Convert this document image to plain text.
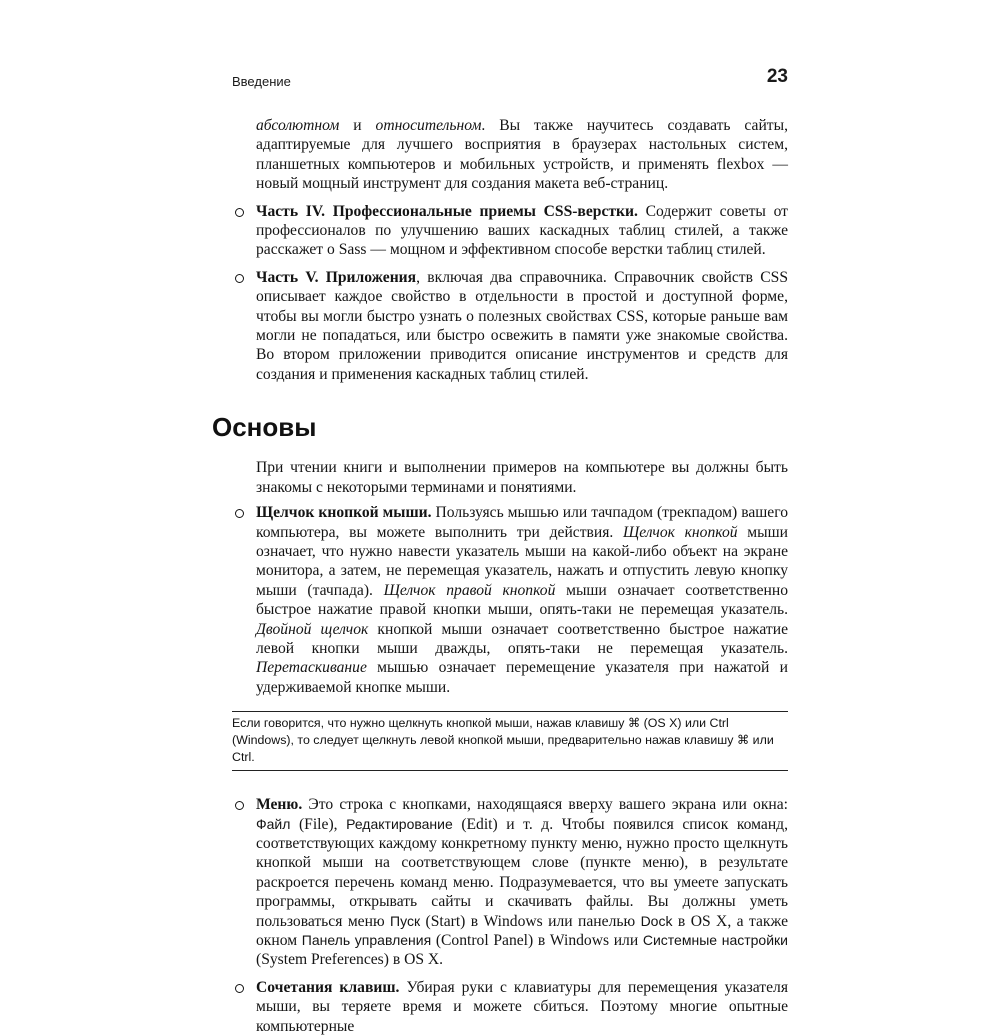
Введение	23

абсолютном и относительном. Вы также научитесь создавать сайты, адаптируемые для лучшего восприятия в браузерах настольных систем, планшетных компьютеров и мобильных устройств, и применять flexbox — новый мощный инструмент для создания макета веб-страниц.

Часть IV. Профессиональные приемы CSS-верстки. Содержит советы от профессионалов по улучшению ваших каскадных таблиц стилей, а также расскажет о Sass — мощном и эффективном способе верстки таблиц стилей.
Часть V. Приложения, включая два справочника. Справочник свойств CSS описывает каждое свойство в отдельности в простой и доступной форме, чтобы вы могли быстро узнать о полезных свойствах CSS, которые раньше вам могли не попадаться, или быстро освежить в памяти уже знакомые свойства. Во втором приложении приводится описание инструментов и средств для создания и применения каскадных таблиц стилей.
Основы

При чтении книги и выполнении примеров на компьютере вы должны быть знакомы с некоторыми терминами и понятиями.

Щелчок кнопкой мыши. Пользуясь мышью или тачпадом (трекпадом) вашего компьютера, вы можете выполнить три действия. Щелчок кнопкой мыши означает, что нужно навести указатель мыши на какой-либо объект на экране монитора, а затем, не перемещая указатель, нажать и отпустить левую кнопку мыши (тачпада). Щелчок правой кнопкой мыши означает соответственно быстрое нажатие правой кнопки мыши, опять-таки не перемещая указатель. Двойной щелчок кнопкой мыши означает соответственно быстрое нажатие левой кнопки мыши дважды, опять-таки не перемещая указатель. Перетаскивание мышью означает перемещение указателя при нажатой и удерживаемой кнопке мыши.
Если говорится, что нужно щелкнуть кнопкой мыши, нажав клавишу ⌘ (OS X) или Ctrl (Windows), то следует щелкнуть левой кнопкой мыши, предварительно нажав клавишу ⌘ или Ctrl.
Меню. Это строка с кнопками, находящаяся вверху вашего экрана или окна: Файл (File), Редактирование (Edit) и т. д. Чтобы появился список команд, соответствующих каждому конкретному пункту меню, нужно просто щелкнуть кнопкой мыши на соответствующем слове (пункте меню), в результате раскроется перечень команд меню. Подразумевается, что вы умеете запускать программы, открывать сайты и скачивать файлы. Вы должны уметь пользоваться меню Пуск (Start) в Windows или панелью Dock в OS X, а также окном Панель управления (Control Panel) в Windows или Системные настройки (System Preferences) в OS X.
Сочетания клавиш. Убирая руки с клавиатуры для перемещения указателя мыши, вы теряете время и можете сбиться. Поэтому многие опытные компьютерные
